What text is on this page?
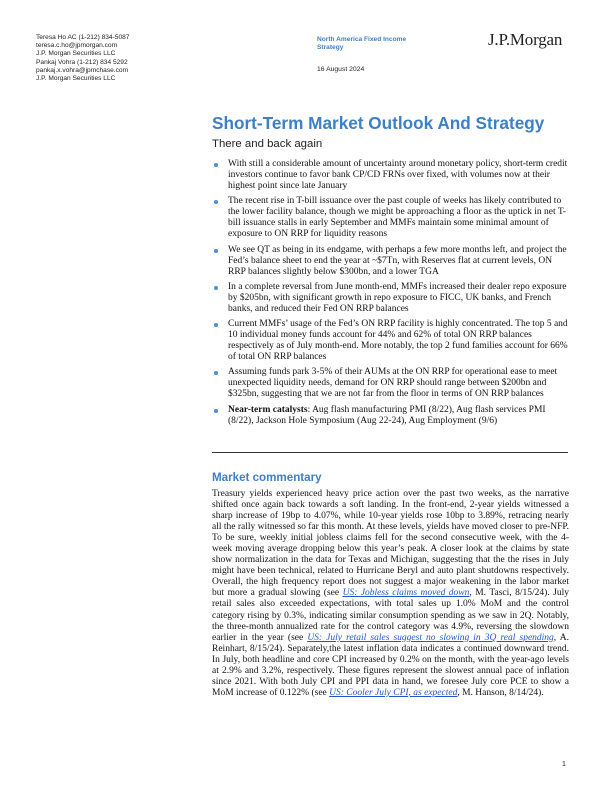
Teresa Ho AC (1-212) 834-5087
teresa.c.ho@jpmorgan.com
J.P. Morgan Securities LLC
Pankaj Vohra (1-212) 834 5292
pankaj.x.vohra@jpmchase.com
J.P. Morgan Securities LLC
North America Fixed Income
Strategy
16 August 2024
J.P.Morgan
Short-Term Market Outlook And Strategy
There and back again
With still a considerable amount of uncertainty around monetary policy, short-term credit investors continue to favor bank CP/CD FRNs over fixed, with volumes now at their highest point since late January
The recent rise in T-bill issuance over the past couple of weeks has likely contributed to the lower facility balance, though we might be approaching a floor as the uptick in net T-bill issuance stalls in early September and MMFs maintain some minimal amount of exposure to ON RRP for liquidity reasons
We see QT as being in its endgame, with perhaps a few more months left, and project the Fed’s balance sheet to end the year at ~$7Tn, with Reserves flat at current levels, ON RRP balances slightly below $300bn, and a lower TGA
In a complete reversal from June month-end, MMFs increased their dealer repo exposure by $205bn, with significant growth in repo exposure to FICC, UK banks, and French banks, and reduced their Fed ON RRP balances
Current MMFs’ usage of the Fed’s ON RRP facility is highly concentrated. The top 5 and 10 individual money funds account for 44% and 62% of total ON RRP balances respectively as of July month-end. More notably, the top 2 fund families account for 66% of total ON RRP balances
Assuming funds park 3-5% of their AUMs at the ON RRP for operational ease to meet unexpected liquidity needs, demand for ON RRP should range between $200bn and $325bn, suggesting that we are not far from the floor in terms of ON RRP balances
Near-term catalysts: Aug flash manufacturing PMI (8/22), Aug flash services PMI (8/22), Jackson Hole Symposium (Aug 22-24), Aug Employment (9/6)
Market commentary

Treasury yields experienced heavy price action over the past two weeks, as the narrative shifted once again back towards a soft landing. In the front-end, 2-year yields witnessed a sharp increase of 19bp to 4.07%, while 10-year yields rose 10bp to 3.89%, retracing nearly all the rally witnessed so far this month. At these levels, yields have moved closer to pre-NFP. To be sure, weekly initial jobless claims fell for the second consecutive week, with the 4-week moving average dropping below this year’s peak. A closer look at the claims by state show normalization in the data for Texas and Michigan, suggesting that the the rises in July might have been technical, related to Hurricane Beryl and auto plant shutdowns respectively. Overall, the high frequency report does not suggest a major weakening in the labor market but more a gradual slowing (see US: Jobless claims moved down, M. Tasci, 8/15/24). July retail sales also exceeded expectations, with total sales up 1.0% MoM and the control category rising by 0.3%, indicating similar consumption spending as we saw in 2Q. Notably, the three-month annualized rate for the control category was 4.9%, reversing the slowdown earlier in the year (see US: July retail sales suggest no slowing in 3Q real spending, A. Reinhart, 8/15/24). Separately,the latest inflation data indicates a continued downward trend. In July, both headline and core CPI increased by 0.2% on the month, with the year-ago levels at 2.9% and 3.2%, respectively. These figures represent the slowest annual pace of inflation since 2021. With both July CPI and PPI data in hand, we foresee July core PCE to show a MoM increase of 0.122% (see US: Cooler July CPI, as expected, M. Hanson, 8/14/24).

1
